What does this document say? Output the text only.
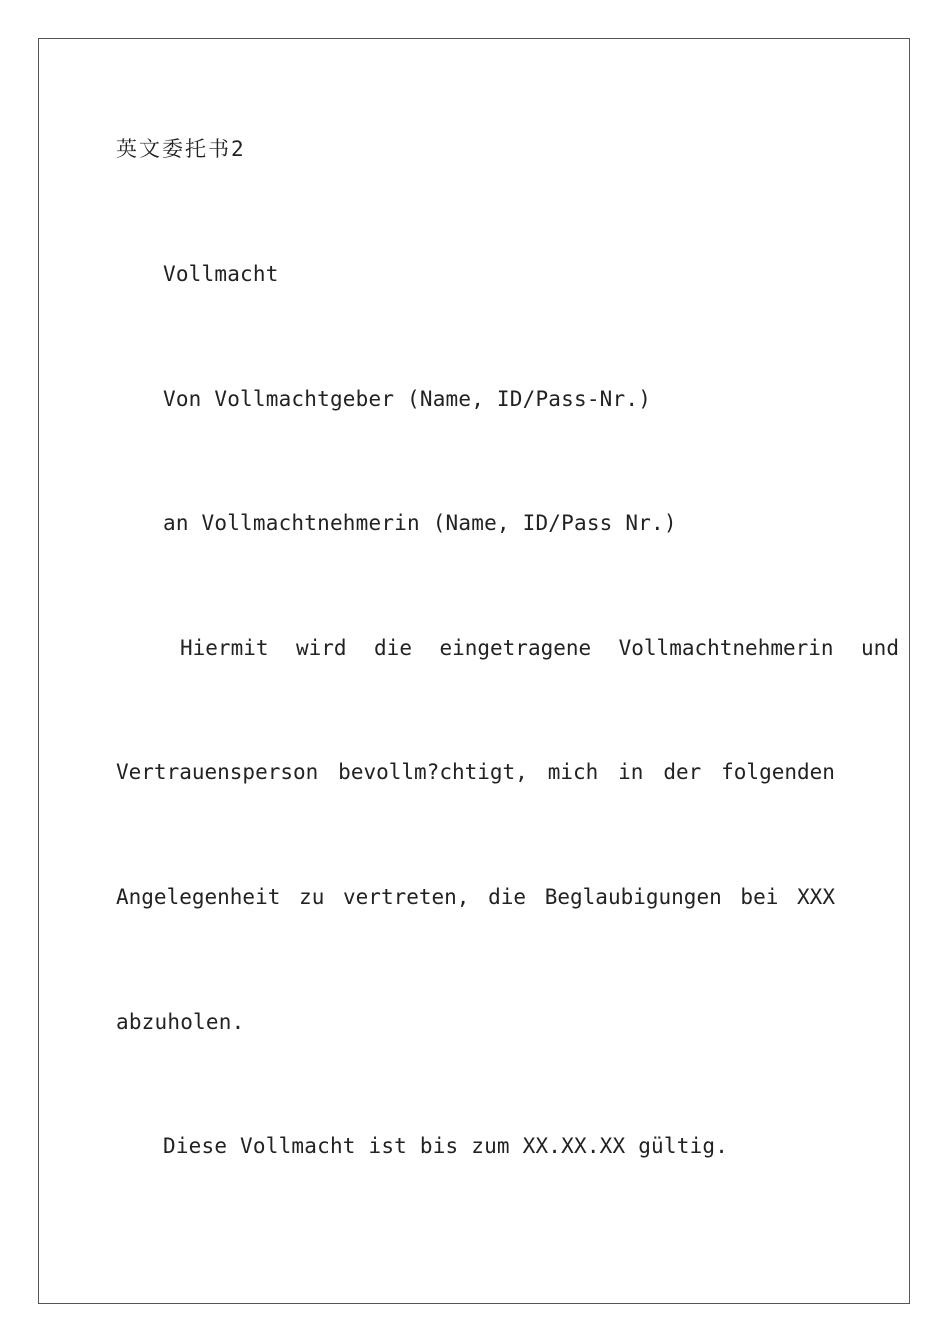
英文委托书2
Vollmacht
Von Vollmachtgeber (Name, ID/Pass-Nr.)
an Vollmachtnehmerin (Name, ID/Pass Nr.)
Hiermit wird die eingetragene Vollmachtnehmerin und
Vertrauensperson bevollm?chtigt, mich in der folgenden
Angelegenheit zu vertreten, die Beglaubigungen bei XXX
abzuholen.
Diese Vollmacht ist bis zum XX.XX.XX gültig.
